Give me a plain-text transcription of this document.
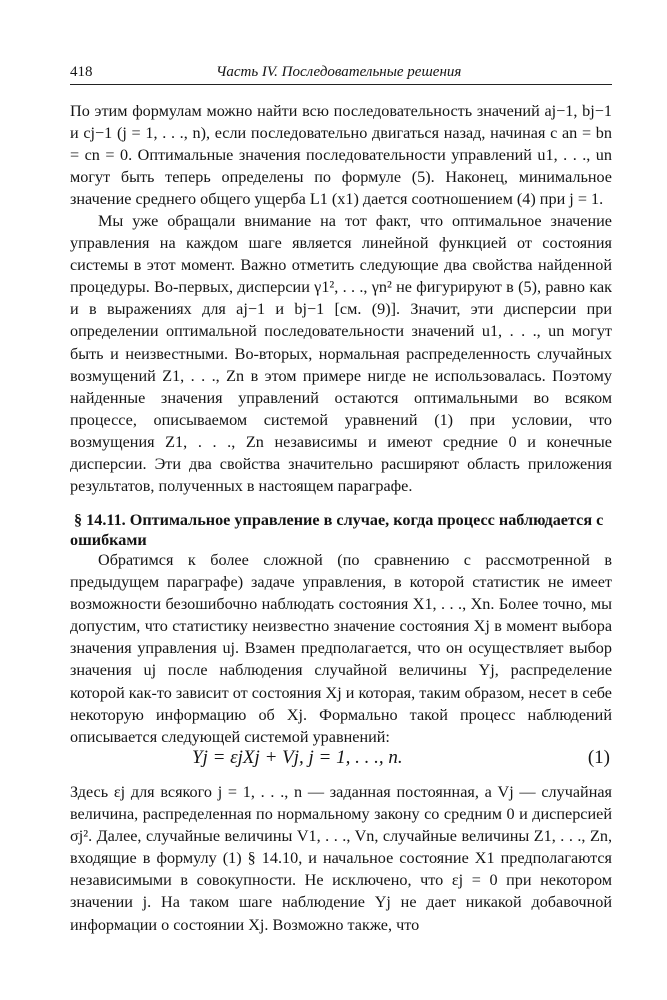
418	Часть IV. Последовательные решения

По этим формулам можно найти всю последовательность значений aj−1, bj−1 и cj−1 (j = 1, . . ., n), если последовательно двигаться назад, начиная с an = bn = cn = 0. Оптимальные значения последовательности управлений u1, . . ., un могут быть теперь определены по формуле (5). Наконец, минимальное значение среднего общего ущерба L1 (x1) дается соотношением (4) при j = 1.

Мы уже обращали внимание на тот факт, что оптимальное значение управления на каждом шаге является линейной функцией от состояния системы в этот момент. Важно отметить следующие два свойства найденной процедуры. Во-первых, дисперсии γ1², . . ., γn² не фигурируют в (5), равно как и в выражениях для aj−1 и bj−1 [см. (9)]. Значит, эти дисперсии при определении оптимальной последовательности значений u1, . . ., un могут быть и неизвестными. Во-вторых, нормальная распределенность случайных возмущений Z1, . . ., Zn в этом примере нигде не использовалась. Поэтому найденные значения управлений остаются оптимальными во всяком процессе, описываемом системой уравнений (1) при условии, что возмущения Z1, . . ., Zn независимы и имеют средние 0 и конечные дисперсии. Эти два свойства значительно расширяют область приложения результатов, полученных в настоящем параграфе.

§ 14.11. Оптимальное управление в случае, когда процесс наблюдается с ошибками

Обратимся к более сложной (по сравнению с рассмотренной в предыдущем параграфе) задаче управления, в которой статистик не имеет возможности безошибочно наблюдать состояния X1, . . ., Xn. Более точно, мы допустим, что статистику неизвестно значение состояния Xj в момент выбора значения управления uj. Взамен предполагается, что он осуществляет выбор значения uj после наблюдения случайной величины Yj, распределение которой как-то зависит от состояния Xj и которая, таким образом, несет в себе некоторую информацию об Xj. Формально такой процесс наблюдений описывается следующей системой уравнений:

Yj = εjXj + Vj, j = 1, . . ., n.	(1)

Здесь εj для всякого j = 1, . . ., n — заданная постоянная, а Vj — случайная величина, распределенная по нормальному закону со средним 0 и дисперсией σj². Далее, случайные величины V1, . . ., Vn, случайные величины Z1, . . ., Zn, входящие в формулу (1) § 14.10, и начальное состояние X1 предполагаются независимыми в совокупности. Не исключено, что εj = 0 при некотором значении j. На таком шаге наблюдение Yj не дает никакой добавочной информации о состоянии Xj. Возможно также, что
